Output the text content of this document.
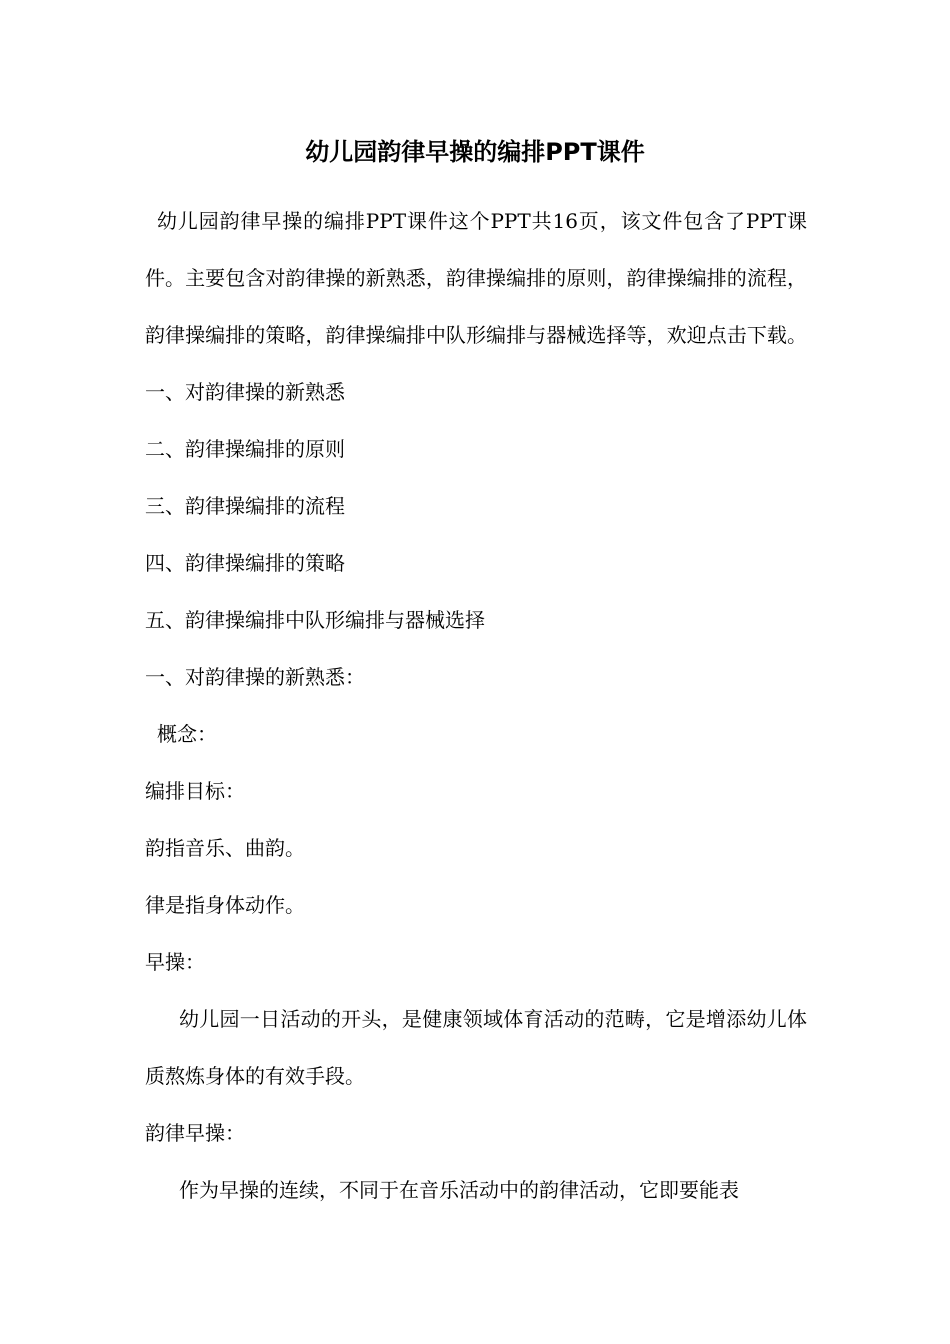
幼儿园韵律早操的编排PPT课件

幼儿园韵律早操的编排PPT课件这个PPT共16页，该文件包含了PPT课件。主要包含对韵律操的新熟悉，韵律操编排的原则，韵律操编排的流程，韵律操编排的策略，韵律操编排中队形编排与器械选择等，欢迎点击下载。一、对韵律操的新熟悉

二、韵律操编排的原则

三、韵律操编排的流程

四、韵律操编排的策略

五、韵律操编排中队形编排与器械选择

一、对韵律操的新熟悉：

概念：

编排目标：

韵指音乐、曲韵。

律是指身体动作。

早操：

幼儿园一日活动的开头，是健康领域体育活动的范畴，它是增添幼儿体质熬炼身体的有效手段。

韵律早操：

作为早操的连续，不同于在音乐活动中的韵律活动，它即要能表
